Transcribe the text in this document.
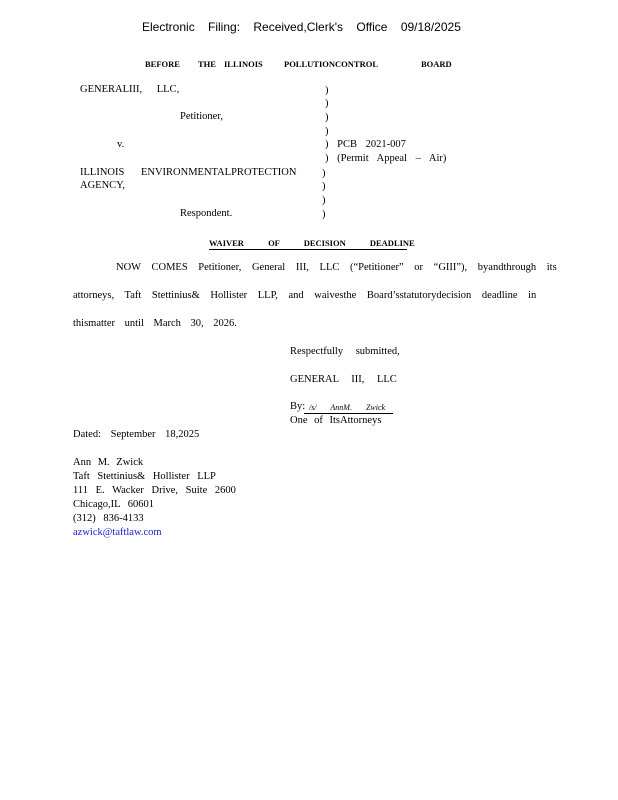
Electronic Filing: Received,Clerk's Office 09/18/2025
BEFORE THE ILLINOIS	POLLUTIONCONTROL	BOARD
GENERALIII, LLC,
Petitioner,
v.
ILLINOIS ENVIRONMENTALPROTECTION
AGENCY,
Respondent.
)
)
)
)
) PCB 2021-007
) (Permit Appeal – Air)
)
)
)
)
WAIVER OF DECISION DEADLINE
NOW COMES Petitioner, General III, LLC (“Petitioner” or “GIII”), byandthrough its
attorneys, Taft Stettinius& Hollister LLP, and waivesthe Board’sstatutorydecision deadline in
thismatter until March 30, 2026.
Respectfully submitted,
GENERAL III, LLC
By: /s/ AnnM. Zwick
One of ItsAttorneys
Dated: September 18,2025
Ann M. Zwick
Taft Stettinius& Hollister LLP
111 E. Wacker Drive, Suite 2600
Chicago,IL 60601
(312) 836-4133
azwick@taftlaw.com
